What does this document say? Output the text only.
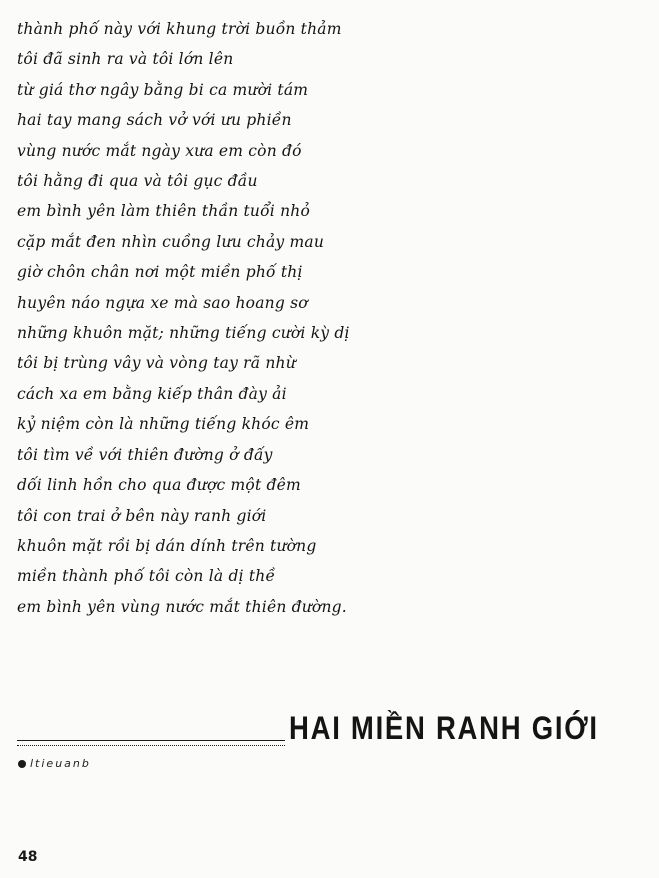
thành phố này với khung trời buồn thảm
tôi đã sinh ra và tôi lớn lên
từ giá thơ ngây bằng bi ca mười tám
hai tay mang sách vở với ưu phiền
vùng nước mắt ngày xưa em còn đó
tôi hằng đi qua và tôi gục đầu
em bình yên làm thiên thần tuổi nhỏ
cặp mắt đen nhìn cuồng lưu chảy mau
giờ chôn chân nơi một miền phố thị
huyên náo ngựa xe mà sao hoang sơ
những khuôn mặt; những tiếng cười kỳ dị
tôi bị trùng vây và vòng tay rã nhừ
cách xa em bằng kiếp thân đày ải
kỷ niệm còn là những tiếng khóc êm
tôi tìm về với thiên đường ở đấy
dối linh hồn cho qua được một đêm
tôi con trai ở bên này ranh giới
khuôn mặt rồi bị dán dính trên tường
miền thành phố tôi còn là dị thề
em bình yên vùng nước mắt thiên đường.
HAI MIỀN RANH GIỚI
ltieuanb
48
